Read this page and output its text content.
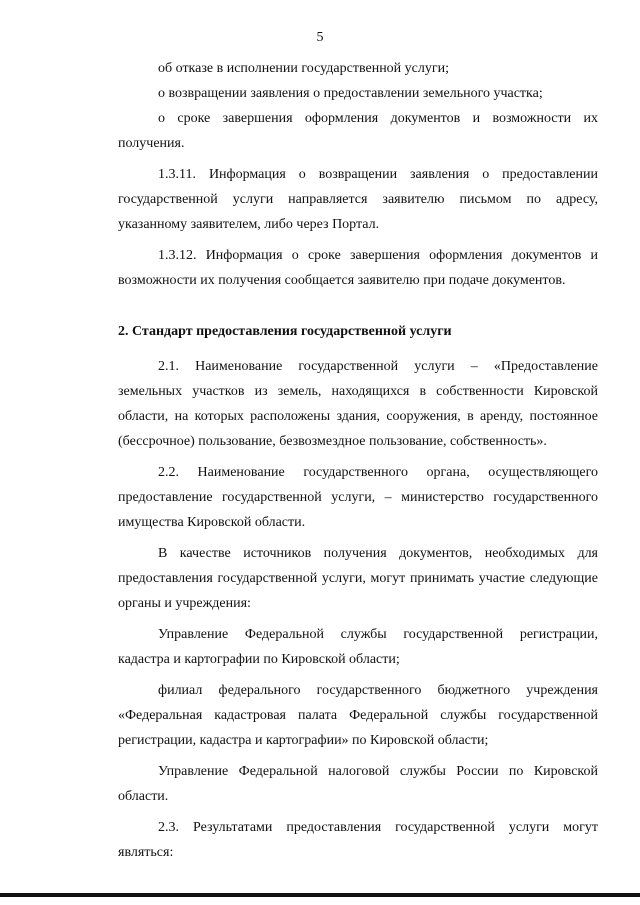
5

об отказе в исполнении государственной услуги;

о возвращении заявления о предоставлении земельного участка;

о сроке завершения оформления документов и возможности их получения.

1.3.11. Информация о возвращении заявления о предоставлении государственной услуги направляется заявителю письмом по адресу, указанному заявителем, либо через Портал.

1.3.12. Информация о сроке завершения оформления документов и возможности их получения сообщается заявителю при подаче документов.

2. Стандарт предоставления государственной услуги

2.1. Наименование государственной услуги – «Предоставление земельных участков из земель, находящихся в собственности Кировской области, на которых расположены здания, сооружения, в аренду, постоянное (бессрочное) пользование, безвозмездное пользование, собственность».

2.2. Наименование государственного органа, осуществляющего предоставление государственной услуги, – министерство государственного имущества Кировской области.

В качестве источников получения документов, необходимых для предоставления государственной услуги, могут принимать участие следующие органы и учреждения:

Управление Федеральной службы государственной регистрации, кадастра и картографии по Кировской области;

филиал федерального государственного бюджетного учреждения «Федеральная кадастровая палата Федеральной службы государственной регистрации, кадастра и картографии» по Кировской области;

Управление Федеральной налоговой службы России по Кировской области.

2.3. Результатами предоставления государственной услуги могут являться:
